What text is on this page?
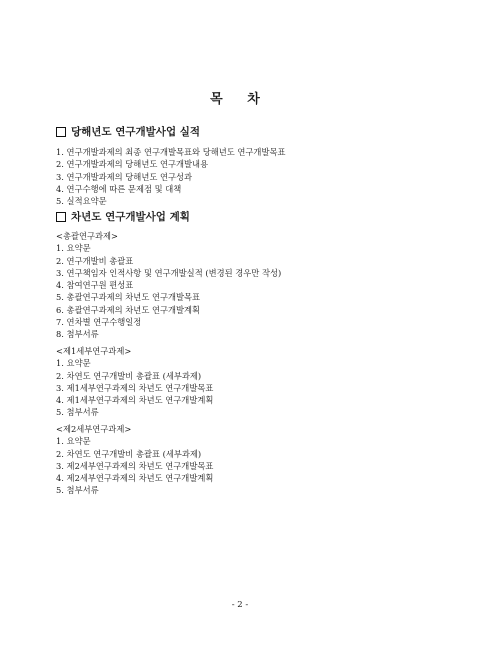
목 차
당해년도 연구개발사업 실적
1. 연구개발과제의 최종 연구개발목표와 당해년도 연구개발목표
2. 연구개발과제의 당해년도 연구개발내용
3. 연구개발과제의 당해년도 연구성과
4. 연구수행에 따른 문제점 및 대책
5. 실적요약문
차년도 연구개발사업 계획
<총괄연구과제>
1. 요약문
2. 연구개발비 총괄표
3. 연구책임자 인적사항 및 연구개발실적 (변경된 경우만 작성)
4. 참여연구원 편성표
5. 총괄연구과제의 차년도 연구개발목표
6. 총괄연구과제의 차년도 연구개발계획
7. 연차별 연구수행일정
8. 첨부서류
<제1세부연구과제>
1. 요약문
2. 차연도 연구개발비 총괄표 (세부과제)
3. 제1세부연구과제의 차년도 연구개발목표
4. 제1세부연구과제의 차년도 연구개발계획
5. 첨부서류
<제2세부연구과제>
1. 요약문
2. 차연도 연구개발비 총괄표 (세부과제)
3. 제2세부연구과제의 차년도 연구개발목표
4. 제2세부연구과제의 차년도 연구개발계획
5. 첨부서류
- 2 -
